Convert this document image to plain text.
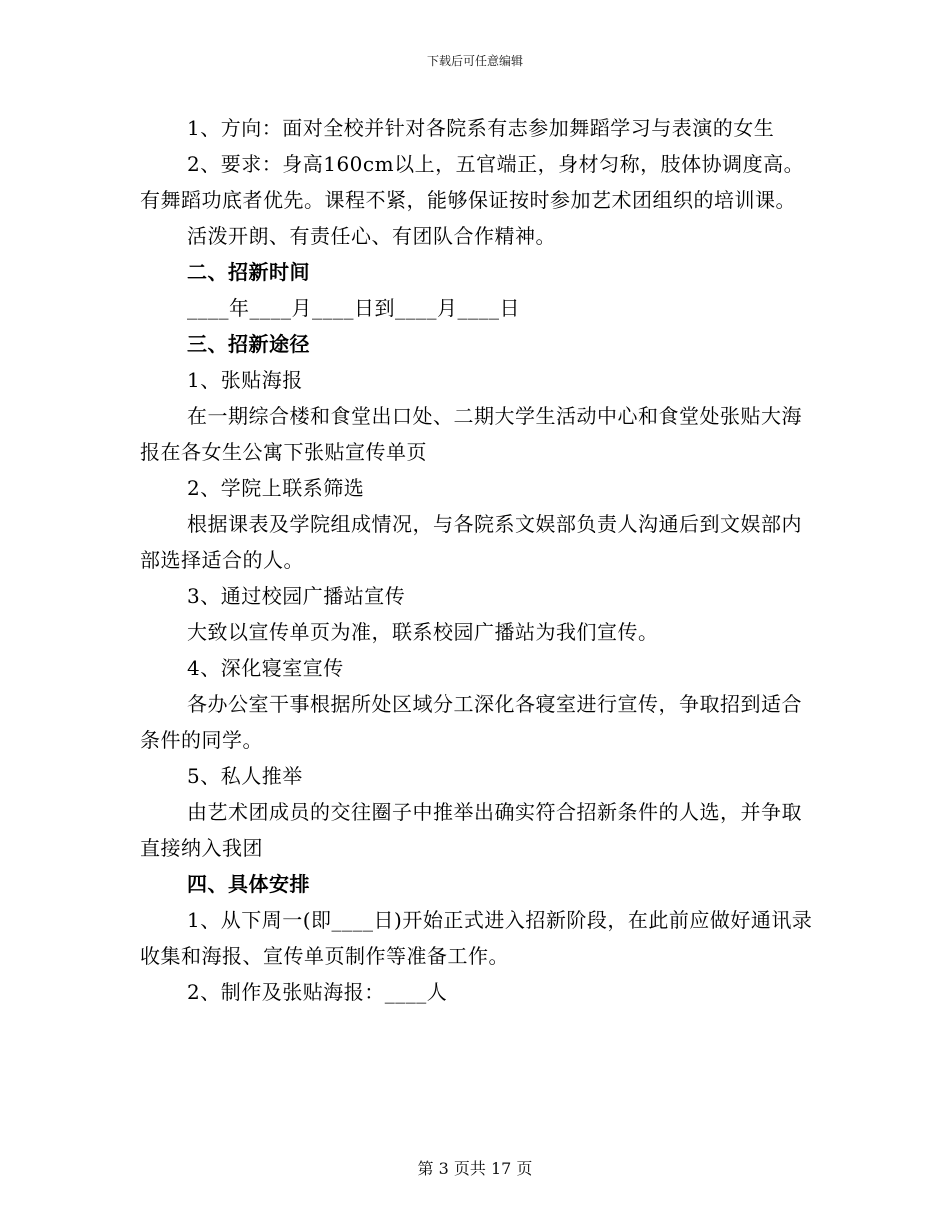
下载后可任意编辑

1、方向：面对全校并针对各院系有志参加舞蹈学习与表演的女生

2、要求：身高160cm以上，五官端正，身材匀称，肢体协调度高。有舞蹈功底者优先。课程不紧，能够保证按时参加艺术团组织的培训课。

活泼开朗、有责任心、有团队合作精神。

二、招新时间

____年____月____日到____月____日

三、招新途径

1、张贴海报

在一期综合楼和食堂出口处、二期大学生活动中心和食堂处张贴大海报在各女生公寓下张贴宣传单页

2、学院上联系筛选

根据课表及学院组成情况，与各院系文娱部负责人沟通后到文娱部内部选择适合的人。

3、通过校园广播站宣传

大致以宣传单页为准，联系校园广播站为我们宣传。

4、深化寝室宣传

各办公室干事根据所处区域分工深化各寝室进行宣传，争取招到适合条件的同学。

5、私人推举

由艺术团成员的交往圈子中推举出确实符合招新条件的人选，并争取直接纳入我团

四、具体安排

1、从下周一(即____日)开始正式进入招新阶段，在此前应做好通讯录收集和海报、宣传单页制作等准备工作。

2、制作及张贴海报：____人

第 3 页共 17 页
